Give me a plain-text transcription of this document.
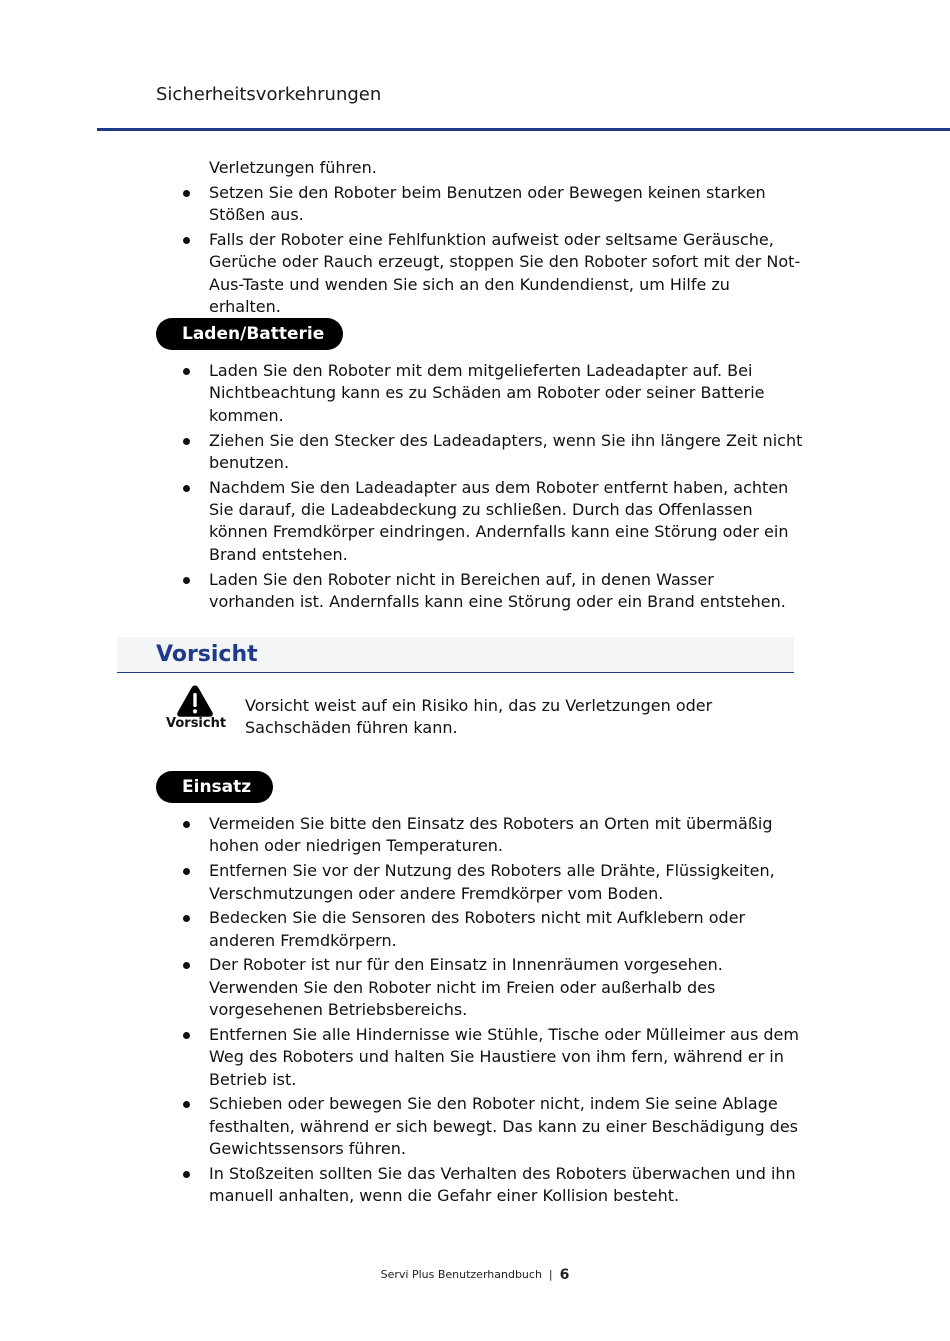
Sicherheitsvorkehrungen
Verletzungen führen.
Setzen Sie den Roboter beim Benutzen oder Bewegen keinen starken Stößen aus.
Falls der Roboter eine Fehlfunktion aufweist oder seltsame Geräusche, Gerüche oder Rauch erzeugt, stoppen Sie den Roboter sofort mit der Not-Aus-Taste und wenden Sie sich an den Kundendienst, um Hilfe zu erhalten.
Laden/Batterie
Laden Sie den Roboter mit dem mitgelieferten Ladeadapter auf. Bei Nichtbeachtung kann es zu Schäden am Roboter oder seiner Batterie kommen.
Ziehen Sie den Stecker des Ladeadapters, wenn Sie ihn längere Zeit nicht benutzen.
Nachdem Sie den Ladeadapter aus dem Roboter entfernt haben, achten Sie darauf, die Ladeabdeckung zu schließen. Durch das Offenlassen können Fremdkörper eindringen. Andernfalls kann eine Störung oder ein Brand entstehen.
Laden Sie den Roboter nicht in Bereichen auf, in denen Wasser vorhanden ist. Andernfalls kann eine Störung oder ein Brand entstehen.
Vorsicht
Vorsicht
Vorsicht weist auf ein Risiko hin, das zu Verletzungen oder Sachschäden führen kann.
Einsatz
Vermeiden Sie bitte den Einsatz des Roboters an Orten mit übermäßig hohen oder niedrigen Temperaturen.
Entfernen Sie vor der Nutzung des Roboters alle Drähte, Flüssigkeiten, Verschmutzungen oder andere Fremdkörper vom Boden.
Bedecken Sie die Sensoren des Roboters nicht mit Aufklebern oder anderen Fremdkörpern.
Der Roboter ist nur für den Einsatz in Innenräumen vorgesehen. Verwenden Sie den Roboter nicht im Freien oder außerhalb des vorgesehenen Betriebsbereichs.
Entfernen Sie alle Hindernisse wie Stühle, Tische oder Mülleimer aus dem Weg des Roboters und halten Sie Haustiere von ihm fern, während er in Betrieb ist.
Schieben oder bewegen Sie den Roboter nicht, indem Sie seine Ablage festhalten, während er sich bewegt. Das kann zu einer Beschädigung des Gewichtssensors führen.
In Stoßzeiten sollten Sie das Verhalten des Roboters überwachen und ihn manuell anhalten, wenn die Gefahr einer Kollision besteht.
Servi Plus Benutzerhandbuch | 6
